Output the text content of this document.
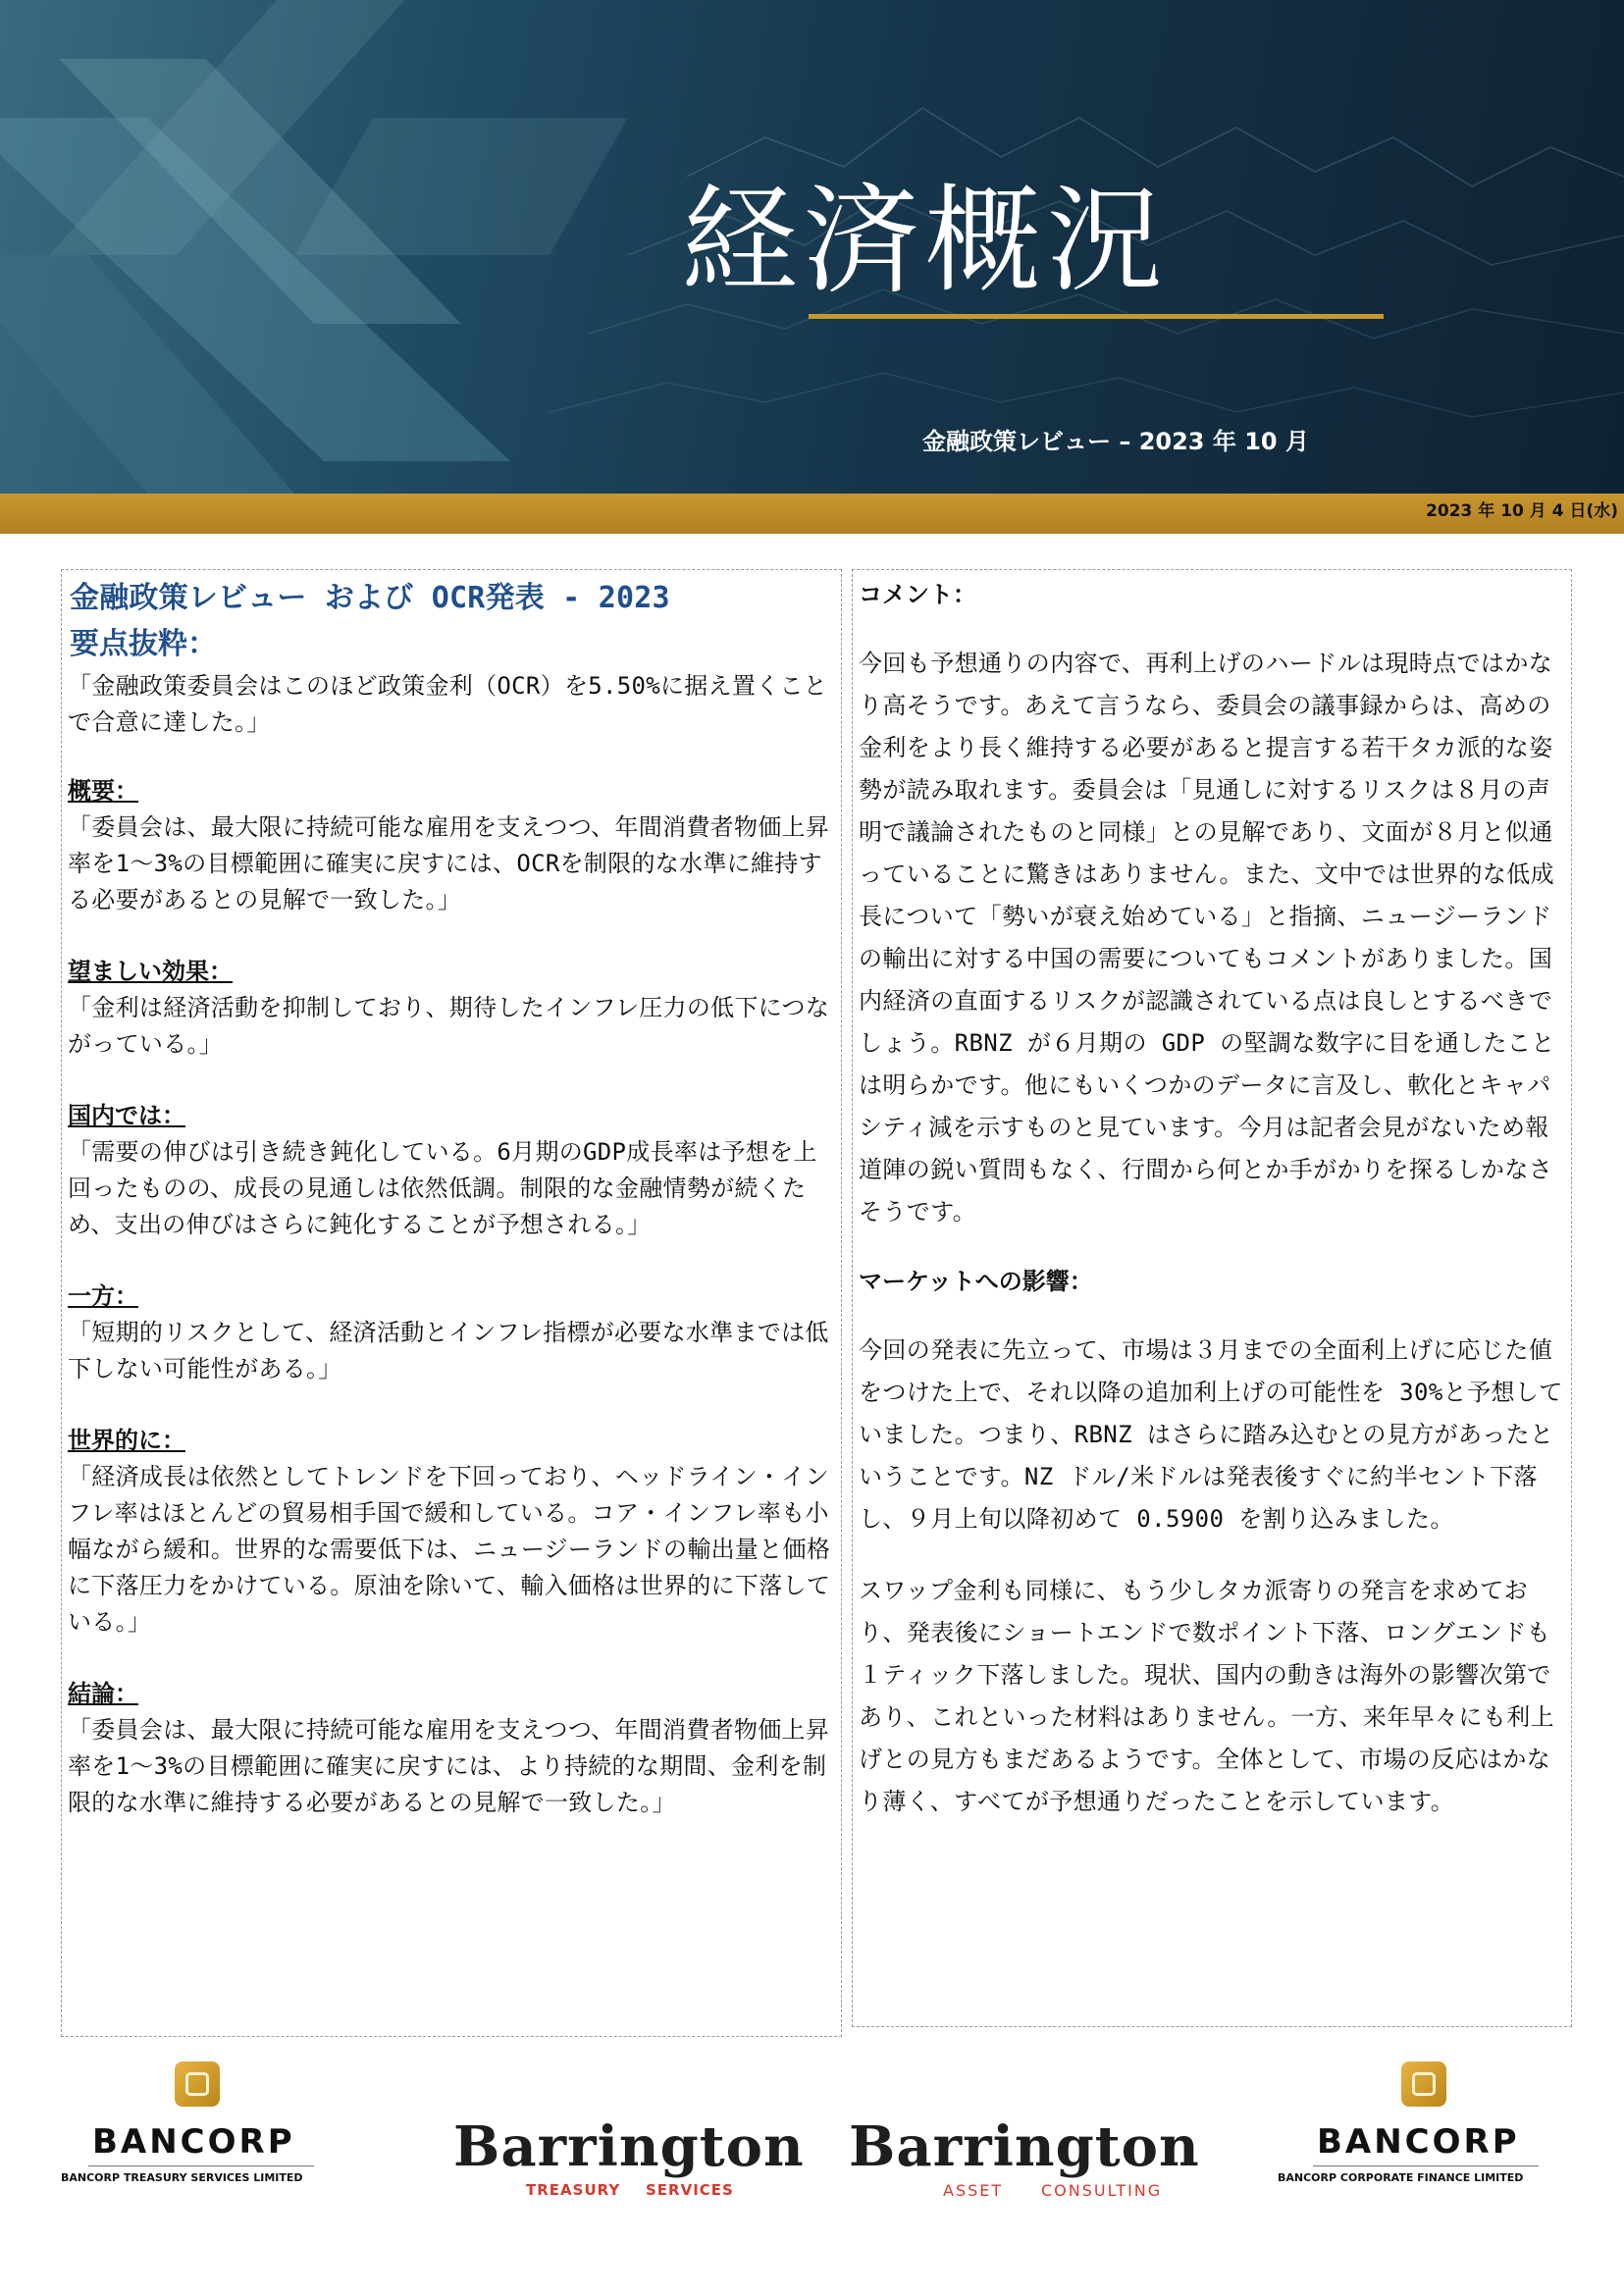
経済概況
金融政策レビュー – 2023 年 10 月
2023 年 10 月 4 日(水)

金融政策レビュー および OCR発表 - 2023

要点抜粋：

「金融政策委員会はこのほど政策金利（OCR）を5.50%に据え置くことで合意に達した。」

概要：

「委員会は、最大限に持続可能な雇用を支えつつ、年間消費者物価上昇率を1～3%の目標範囲に確実に戻すには、OCRを制限的な水準に維持する必要があるとの見解で一致した。」

望ましい効果：

「金利は経済活動を抑制しており、期待したインフレ圧力の低下につながっている。」

国内では：

「需要の伸びは引き続き鈍化している。6月期のGDP成長率は予想を上回ったものの、成長の見通しは依然低調。制限的な金融情勢が続くため、支出の伸びはさらに鈍化することが予想される。」

一方：

「短期的リスクとして、経済活動とインフレ指標が必要な水準までは低下しない可能性がある。」

世界的に：

「経済成長は依然としてトレンドを下回っており、ヘッドライン・インフレ率はほとんどの貿易相手国で緩和している。コア・インフレ率も小幅ながら緩和。世界的な需要低下は、ニュージーランドの輸出量と価格に下落圧力をかけている。原油を除いて、輸入価格は世界的に下落している。」

結論：

「委員会は、最大限に持続可能な雇用を支えつつ、年間消費者物価上昇率を1～3%の目標範囲に確実に戻すには、より持続的な期間、金利を制限的な水準に維持する必要があるとの見解で一致した。」

コメント：

今回も予想通りの内容で、再利上げのハードルは現時点ではかなり高そうです。あえて言うなら、委員会の議事録からは、高めの金利をより長く維持する必要があると提言する若干タカ派的な姿勢が読み取れます。委員会は「見通しに対するリスクは８月の声明で議論されたものと同様」との見解であり、文面が８月と似通っていることに驚きはありません。また、文中では世界的な低成長について「勢いが衰え始めている」と指摘、ニュージーランドの輸出に対する中国の需要についてもコメントがありました。国内経済の直面するリスクが認識されている点は良しとするべきでしょう。RBNZ が６月期の GDP の堅調な数字に目を通したことは明らかです。他にもいくつかのデータに言及し、軟化とキャパシティ減を示すものと見ています。今月は記者会見がないため報道陣の鋭い質問もなく、行間から何とか手がかりを探るしかなさそうです。

マーケットへの影響：

今回の発表に先立って、市場は３月までの全面利上げに応じた値をつけた上で、それ以降の追加利上げの可能性を 30%と予想していました。つまり、RBNZ はさらに踏み込むとの見方があったということです。NZ ドル/米ドルは発表後すぐに約半セント下落し、９月上旬以降初めて 0.5900 を割り込みました。

スワップ金利も同様に、もう少しタカ派寄りの発言を求めており、発表後にショートエンドで数ポイント下落、ロングエンドも１ティック下落しました。現状、国内の動きは海外の影響次第であり、これといった材料はありません。一方、来年早々にも利上げとの見方もまだあるようです。全体として、市場の反応はかなり薄く、すべてが予想通りだったことを示しています。

BANCORP
BANCORP TREASURY SERVICES LIMITED	Barrington
TREASURY SERVICES
Barrington
ASSET CONSULTING
BANCORP
BANCORP CORPORATE FINANCE LIMITED
